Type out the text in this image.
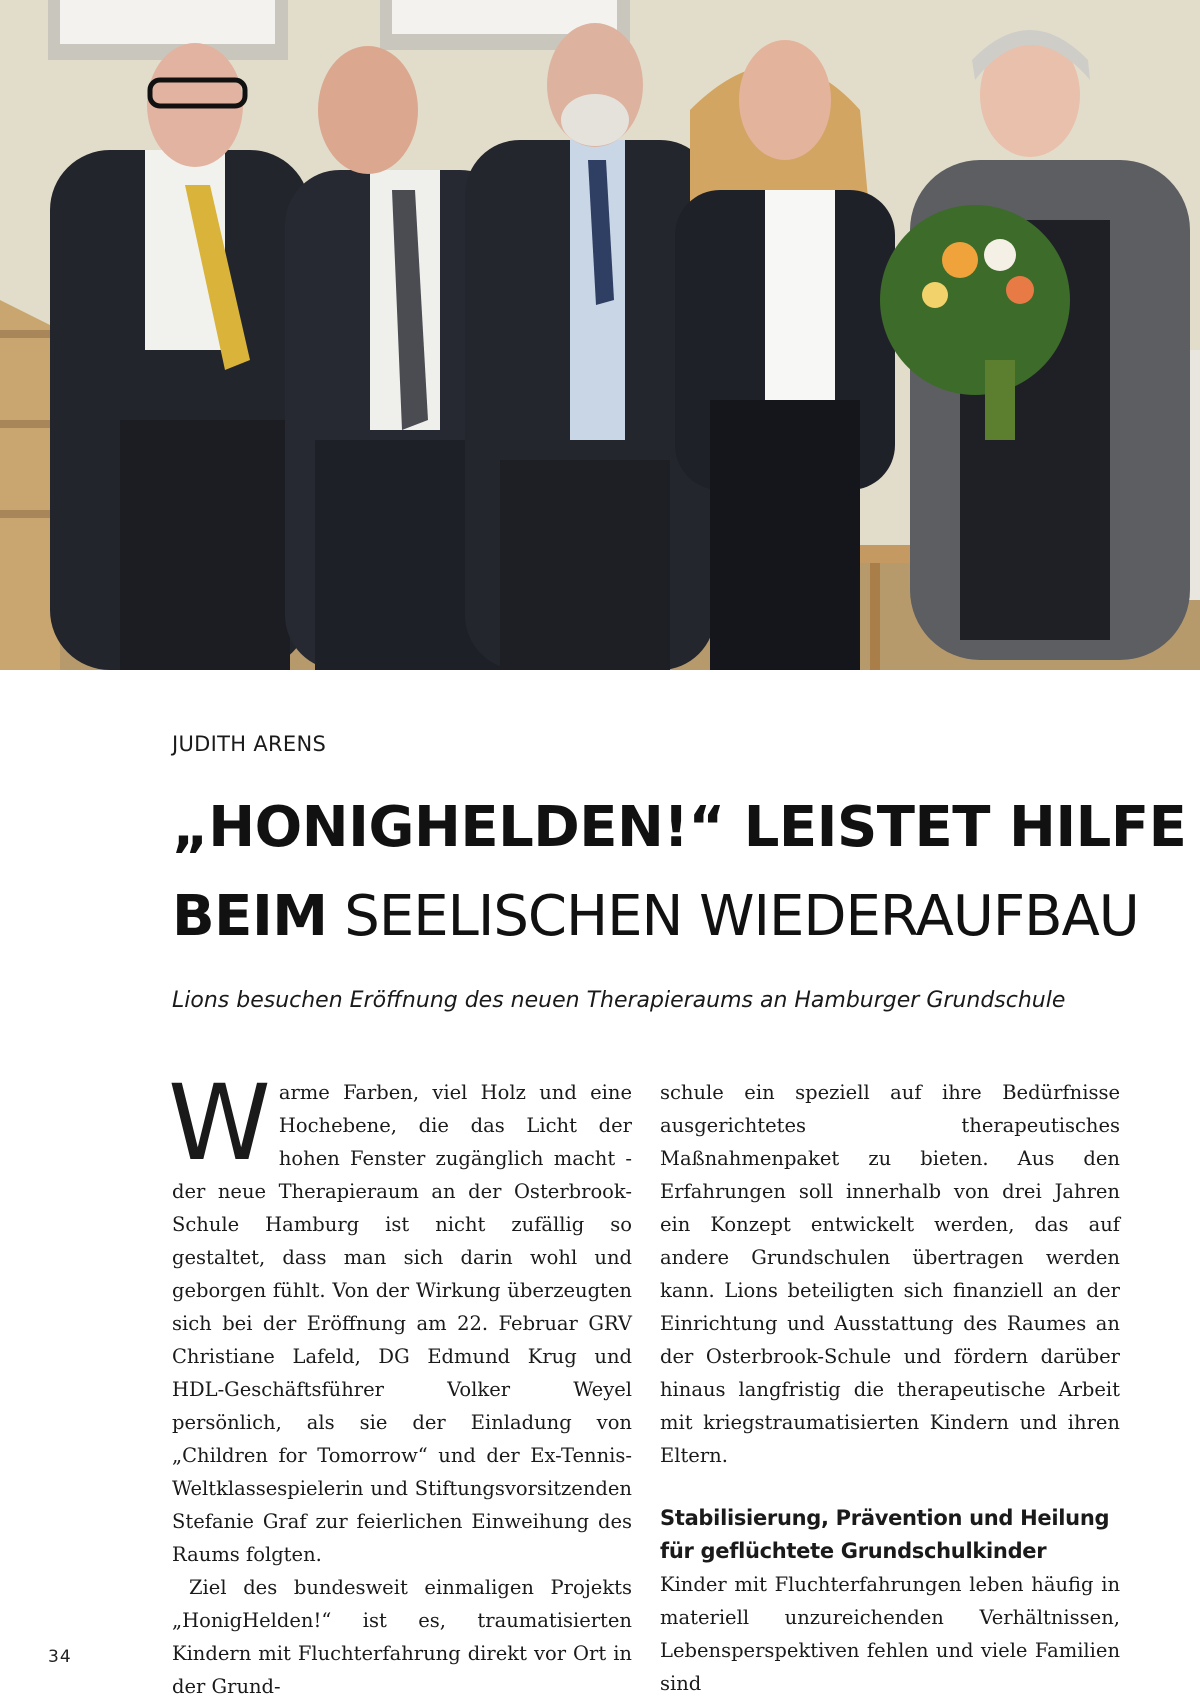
JUDITH ARENS
„HONIGHELDEN!“ LEISTET HILFE
BEIM SEELISCHEN WIEDERAUFBAU
Lions besuchen Eröffnung des neuen Therapieraums an Hamburger Grundschule

Warme Farben, viel Holz und eine Hochebene, die das Licht der hohen Fenster zugänglich macht - der neue Therapieraum an der Osterbrook-Schule Hamburg ist nicht zufällig so gestaltet, dass man sich darin wohl und geborgen fühlt. Von der Wirkung überzeugten sich bei der Eröffnung am 22. Februar GRV Christiane Lafeld, DG Edmund Krug und HDL-Geschäftsführer Volker Weyel persönlich, als sie der Einladung von „Children for Tomorrow“ und der Ex-Tennis-Weltklassespielerin und Stiftungsvorsitzenden Stefanie Graf zur feierlichen Einweihung des Raums folgten.

Ziel des bundesweit einmaligen Projekts „HonigHelden!“ ist es, traumatisierten Kindern mit Fluchterfahrung direkt vor Ort in der Grund-

schule ein speziell auf ihre Bedürfnisse ausgerichtetes therapeutisches Maßnahmenpaket zu bieten. Aus den Erfahrungen soll innerhalb von drei Jahren ein Konzept entwickelt werden, das auf andere Grundschulen übertragen werden kann. Lions beteiligten sich finanziell an der Einrichtung und Ausstattung des Raumes an der Osterbrook-Schule und fördern darüber hinaus langfristig die therapeutische Arbeit mit kriegstraumatisierten Kindern und ihren Eltern.

Stabilisierung, Prävention und Heilung für geflüchtete Grundschulkinder

Kinder mit Fluchterfahrungen leben häufig in materiell unzureichenden Verhältnissen, Lebensperspektiven fehlen und viele Familien sind

34
